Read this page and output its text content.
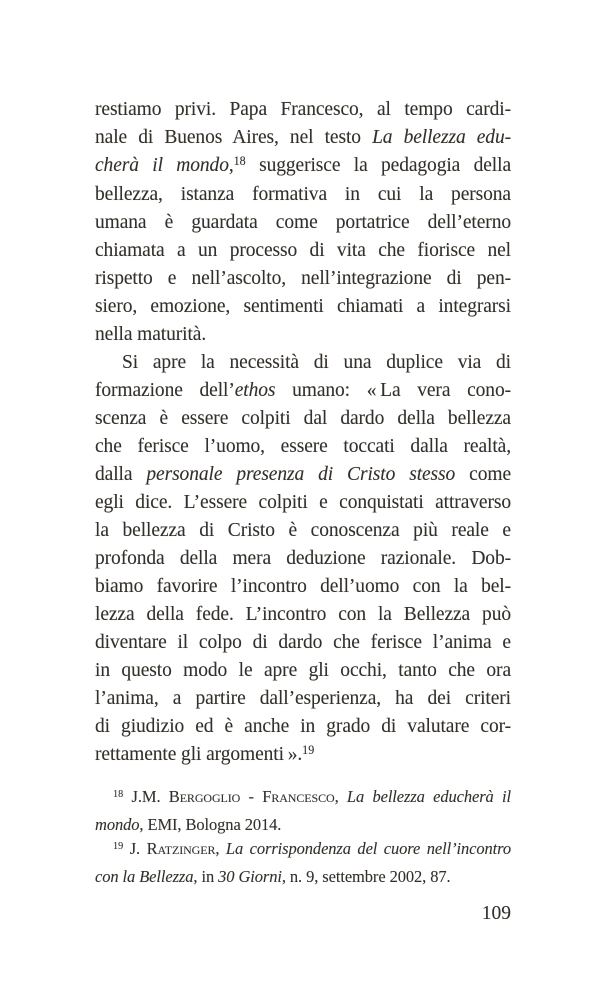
restiamo privi. Papa Francesco, al tempo cardi-
nale di Buenos Aires, nel testo La bellezza edu-
cherà il mondo,$^{18}$ suggerisce la pedagogia della
bellezza, istanza formativa in cui la persona
umana è guardata come portatrice dell’eterno
chiamata a un processo di vita che fiorisce nel
rispetto e nell’ascolto, nell’integrazione di pen-
siero, emozione, sentimenti chiamati a integrarsi
nella maturità.
Si apre la necessità di una duplice via di
formazione dell’ethos umano: « La vera cono-
scenza è essere colpiti dal dardo della bellezza
che ferisce l’uomo, essere toccati dalla realtà,
dalla personale presenza di Cristo stesso come
egli dice. L’essere colpiti e conquistati attraverso
la bellezza di Cristo è conoscenza più reale e
profonda della mera deduzione razionale. Dob-
biamo favorire l’incontro dell’uomo con la bel-
lezza della fede. L’incontro con la Bellezza può
diventare il colpo di dardo che ferisce l’anima e
in questo modo le apre gli occhi, tanto che ora
l’anima, a partire dall’esperienza, ha dei criteri
di giudizio ed è anche in grado di valutare cor-
rettamente gli argomenti ».$^{19}$
$^{18}$ J.M. Bergoglio - Francesco, La bellezza educherà il
mondo, EMI, Bologna 2014.
$^{19}$ J. Ratzinger, La corrispondenza del cuore nell’incontro
con la Bellezza, in 30 Giorni, n. 9, settembre 2002, 87.
109
